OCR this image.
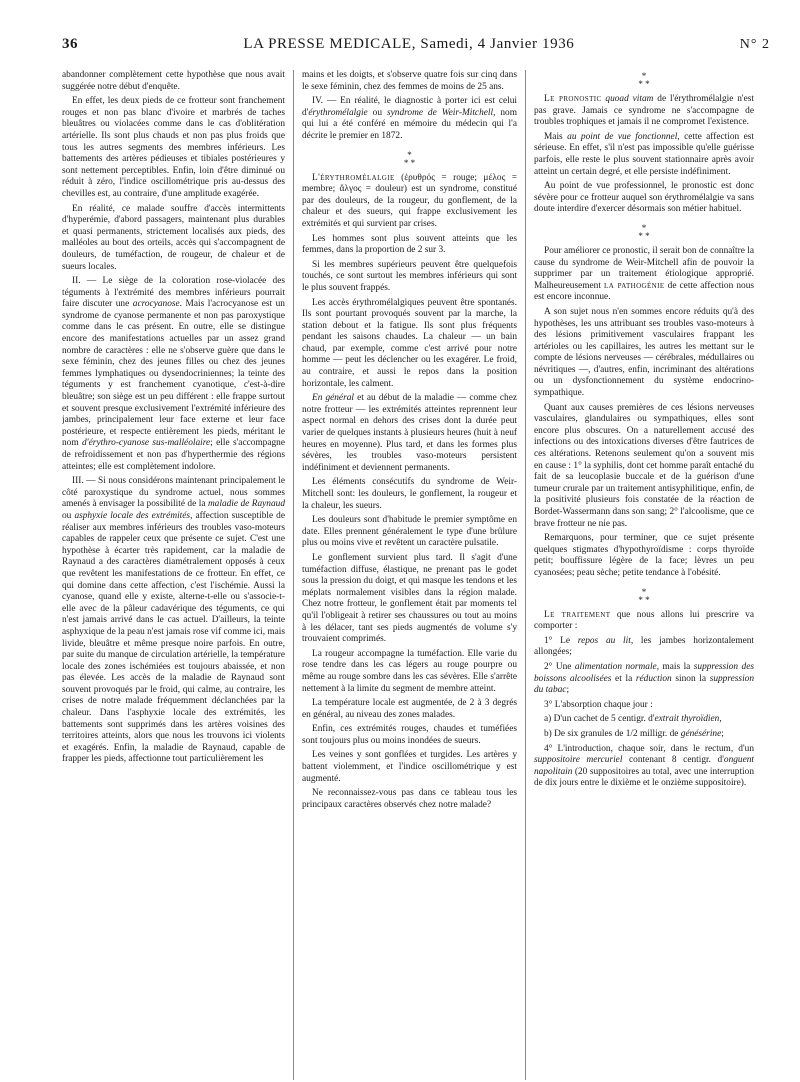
36	LA PRESSE MEDICALE, Samedi, 4 Janvier 1936	N° 2

abandonner complètement cette hypothèse que nous avait suggérée notre début d'enquête.

En effet, les deux pieds de ce frotteur sont franchement rouges et non pas blanc d'ivoire et marbrés de taches bleuâtres ou violacées comme dans le cas d'oblitération artérielle. Ils sont plus chauds et non pas plus froids que tous les autres segments des membres inférieurs. Les battements des artères pédieuses et tibiales postérieures y sont nettement perceptibles. Enfin, loin d'être diminué ou réduit à zéro, l'indice oscillométrique pris au-dessus des chevilles est, au contraire, d'une amplitude exagérée.

En réalité, ce malade souffre d'accès intermittents d'hyperémie, d'abord passagers, maintenant plus durables et quasi permanents, strictement localisés aux pieds, des malléoles au bout des orteils, accès qui s'accompagnent de douleurs, de tuméfaction, de rougeur, de chaleur et de sueurs locales.

II. — Le siège de la coloration rose-violacée des téguments à l'extrémité des membres inférieurs pourrait faire discuter une acrocyanose. Mais l'acrocyanose est un syndrome de cyanose permanente et non pas paroxystique comme dans le cas présent. En outre, elle se distingue encore des manifestations actuelles par un assez grand nombre de caractères : elle ne s'observe guère que dans le sexe féminin, chez des jeunes filles ou chez des jeunes femmes lymphatiques ou dysendocriniennes; la teinte des téguments y est franchement cyanotique, c'est-à-dire bleuâtre; son siège est un peu différent : elle frappe surtout et souvent presque exclusivement l'extrémité inférieure des jambes, principalement leur face externe et leur face postérieure, et respecte entièrement les pieds, méritant le nom d'érythro-cyanose sus-malléolaire; elle s'accompagne de refroidissement et non pas d'hyperthermie des régions atteintes; elle est complètement indolore.

III. — Si nous considérons maintenant principalement le côté paroxystique du syndrome actuel, nous sommes amenés à envisager la possibilité de la maladie de Raynaud ou asphyxie locale des extrémités, affection susceptible de réaliser aux membres inférieurs des troubles vaso-moteurs capables de rappeler ceux que présente ce sujet. C'est une hypothèse à écarter très rapidement, car la maladie de Raynaud a des caractères diamétralement opposés à ceux que revêtent les manifestations de ce frotteur. En effet, ce qui domine dans cette affection, c'est l'ischémie. Aussi la cyanose, quand elle y existe, alterne-t-elle ou s'associe-t-elle avec de la pâleur cadavérique des téguments, ce qui n'est jamais arrivé dans le cas actuel. D'ailleurs, la teinte asphyxique de la peau n'est jamais rose vif comme ici, mais livide, bleuâtre et même presque noire parfois. En outre, par suite du manque de circulation artérielle, la température locale des zones ischémiées est toujours abaissée, et non pas élevée. Les accès de la maladie de Raynaud sont souvent provoqués par le froid, qui calme, au contraire, les crises de notre malade fréquemment déclanchées par la chaleur. Dans l'asphyxie locale des extrémités, les battements sont supprimés dans les artères voisines des territoires atteints, alors que nous les trouvons ici violents et exagérés. Enfin, la maladie de Raynaud, capable de frapper les pieds, affectionne tout particulièrement les

mains et les doigts, et s'observe quatre fois sur cinq dans le sexe féminin, chez des femmes de moins de 25 ans.

IV. — En réalité, le diagnostic à porter ici est celui d'érythromélalgie ou syndrome de Weir-Mitchell, nom qui lui a été conféré en mémoire du médecin qui l'a décrite le premier en 1872.

*
* *

L'érythromélalgie (ἐρυθρός = rouge; μέλος = membre; ἄλγος = douleur) est un syndrome, constitué par des douleurs, de la rougeur, du gonflement, de la chaleur et des sueurs, qui frappe exclusivement les extrémités et qui survient par crises.

Les hommes sont plus souvent atteints que les femmes, dans la proportion de 2 sur 3.

Si les membres supérieurs peuvent être quelquefois touchés, ce sont surtout les membres inférieurs qui sont le plus souvent frappés.

Les accès érythromélalgiques peuvent être spontanés. Ils sont pourtant provoqués souvent par la marche, la station debout et la fatigue. Ils sont plus fréquents pendant les saisons chaudes. La chaleur — un bain chaud, par exemple, comme c'est arrivé pour notre homme — peut les déclencher ou les exagérer. Le froid, au contraire, et aussi le repos dans la position horizontale, les calment.

En général et au début de la maladie — comme chez notre frotteur — les extrémités atteintes reprennent leur aspect normal en dehors des crises dont la durée peut varier de quelques instants à plusieurs heures (huit à neuf heures en moyenne). Plus tard, et dans les formes plus sévères, les troubles vaso-moteurs persistent indéfiniment et deviennent permanents.

Les éléments consécutifs du syndrome de Weir-Mitchell sont: les douleurs, le gonflement, la rougeur et la chaleur, les sueurs.

Les douleurs sont d'habitude le premier symptôme en date. Elles prennent généralement le type d'une brûlure plus ou moins vive et revêtent un caractère pulsatile.

Le gonflement survient plus tard. Il s'agit d'une tuméfaction diffuse, élastique, ne prenant pas le godet sous la pression du doigt, et qui masque les tendons et les méplats normalement visibles dans la région malade. Chez notre frotteur, le gonflement était par moments tel qu'il l'obligeait à retirer ses chaussures ou tout au moins à les délacer, tant ses pieds augmentés de volume s'y trouvaient comprimés.

La rougeur accompagne la tuméfaction. Elle varie du rose tendre dans les cas légers au rouge pourpre ou même au rouge sombre dans les cas sévères. Elle s'arrête nettement à la limite du segment de membre atteint.

La température locale est augmentée, de 2 à 3 degrés en général, au niveau des zones malades.

Enfin, ces extrémités rouges, chaudes et tuméfiées sont toujours plus ou moins inondées de sueurs.

Les veines y sont gonflées et turgides. Les artères y battent violemment, et l'indice oscillométrique y est augmenté.

Ne reconnaissez-vous pas dans ce tableau tous les principaux caractères observés chez notre malade?

*
* *

Le pronostic quoad vitam de l'érythromélalgie n'est pas grave. Jamais ce syndrome ne s'accompagne de troubles trophiques et jamais il ne compromet l'existence.

Mais au point de vue fonctionnel, cette affection est sérieuse. En effet, s'il n'est pas impossible qu'elle guérisse parfois, elle reste le plus souvent stationnaire après avoir atteint un certain degré, et elle persiste indéfiniment.

Au point de vue professionnel, le pronostic est donc sévère pour ce frotteur auquel son érythromélalgie va sans doute interdire d'exercer désormais son métier habituel.

*
* *

Pour améliorer ce pronostic, il serait bon de connaître la cause du syndrome de Weir-Mitchell afin de pouvoir la supprimer par un traitement étiologique approprié. Malheureusement la pathogénie de cette affection nous est encore inconnue.

A son sujet nous n'en sommes encore réduits qu'à des hypothèses, les uns attribuant ses troubles vaso-moteurs à des lésions primitivement vasculaires frappant les artérioles ou les capillaires, les autres les mettant sur le compte de lésions nerveuses — cérébrales, médullaires ou névritiques —, d'autres, enfin, incriminant des altérations ou un dysfonctionnement du système endocrino-sympathique.

Quant aux causes premières de ces lésions nerveuses vasculaires, glandulaires ou sympathiques, elles sont encore plus obscures. On a naturellement accusé des infections ou des intoxications diverses d'être fautrices de ces altérations. Retenons seulement qu'on a souvent mis en cause : 1° la syphilis, dont cet homme paraît entaché du fait de sa leucoplasie buccale et de la guérison d'une tumeur crurale par un traitement antisyphilitique, enfin, de la positivité plusieurs fois constatée de la réaction de Bordet-Wassermann dans son sang; 2° l'alcoolisme, que ce brave frotteur ne nie pas.

Remarquons, pour terminer, que ce sujet présente quelques stigmates d'hypothyroïdisme : corps thyroïde petit; bouffissure légère de la face; lèvres un peu cyanosées; peau sèche; petite tendance à l'obésité.

*
* *

Le traitement que nous allons lui prescrire va comporter :

1° Le repos au lit, les jambes horizontalement allongées;

2° Une alimentation normale, mais la suppression des boissons alcoolisées et la réduction sinon la suppression du tabac;

3° L'absorption chaque jour :

a) D'un cachet de 5 centigr. d'extrait thyroïdien,

b) De six granules de 1/2 milligr. de génésérine;

4° L'introduction, chaque soir, dans le rectum, d'un suppositoire mercuriel contenant 8 centigr. d'onguent napolitain (20 suppositoires au total, avec une interruption de dix jours entre le dixième et le onzième suppositoire).
